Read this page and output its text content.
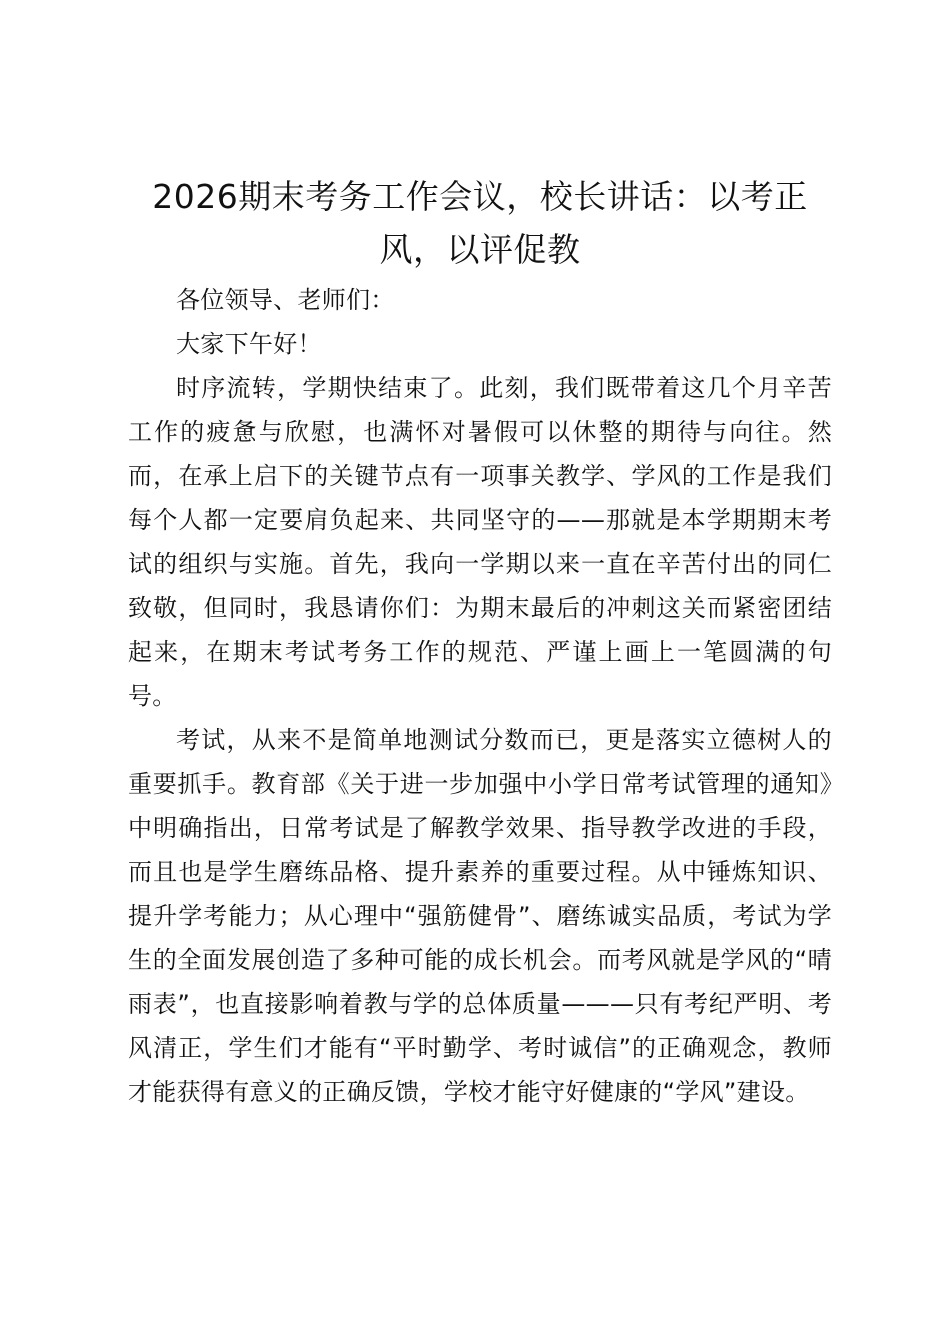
2026期末考务工作会议，校长讲话：以考正风，以评促教

各位领导、老师们：

大家下午好！

时序流转，学期快结束了。此刻，我们既带着这几个月辛苦工作的疲惫与欣慰，也满怀对暑假可以休整的期待与向往。然而，在承上启下的关键节点有一项事关教学、学风的工作是我们每个人都一定要肩负起来、共同坚守的——那就是本学期期末考试的组织与实施。首先，我向一学期以来一直在辛苦付出的同仁致敬，但同时，我恳请你们：为期末最后的冲刺这关而紧密团结起来，在期末考试考务工作的规范、严谨上画上一笔圆满的句号。

考试，从来不是简单地测试分数而已，更是落实立德树人的重要抓手。教育部《关于进一步加强中小学日常考试管理的通知》中明确指出，日常考试是了解教学效果、指导教学改进的手段，而且也是学生磨练品格、提升素养的重要过程。从中锤炼知识、提升学考能力；从心理中“强筋健骨”、磨练诚实品质，考试为学生的全面发展创造了多种可能的成长机会。而考风就是学风的“晴雨表”，也直接影响着教与学的总体质量———只有考纪严明、考风清正，学生们才能有“平时勤学、考时诚信”的正确观念，教师才能获得有意义的正确反馈，学校才能守好健康的“学风”建设。
